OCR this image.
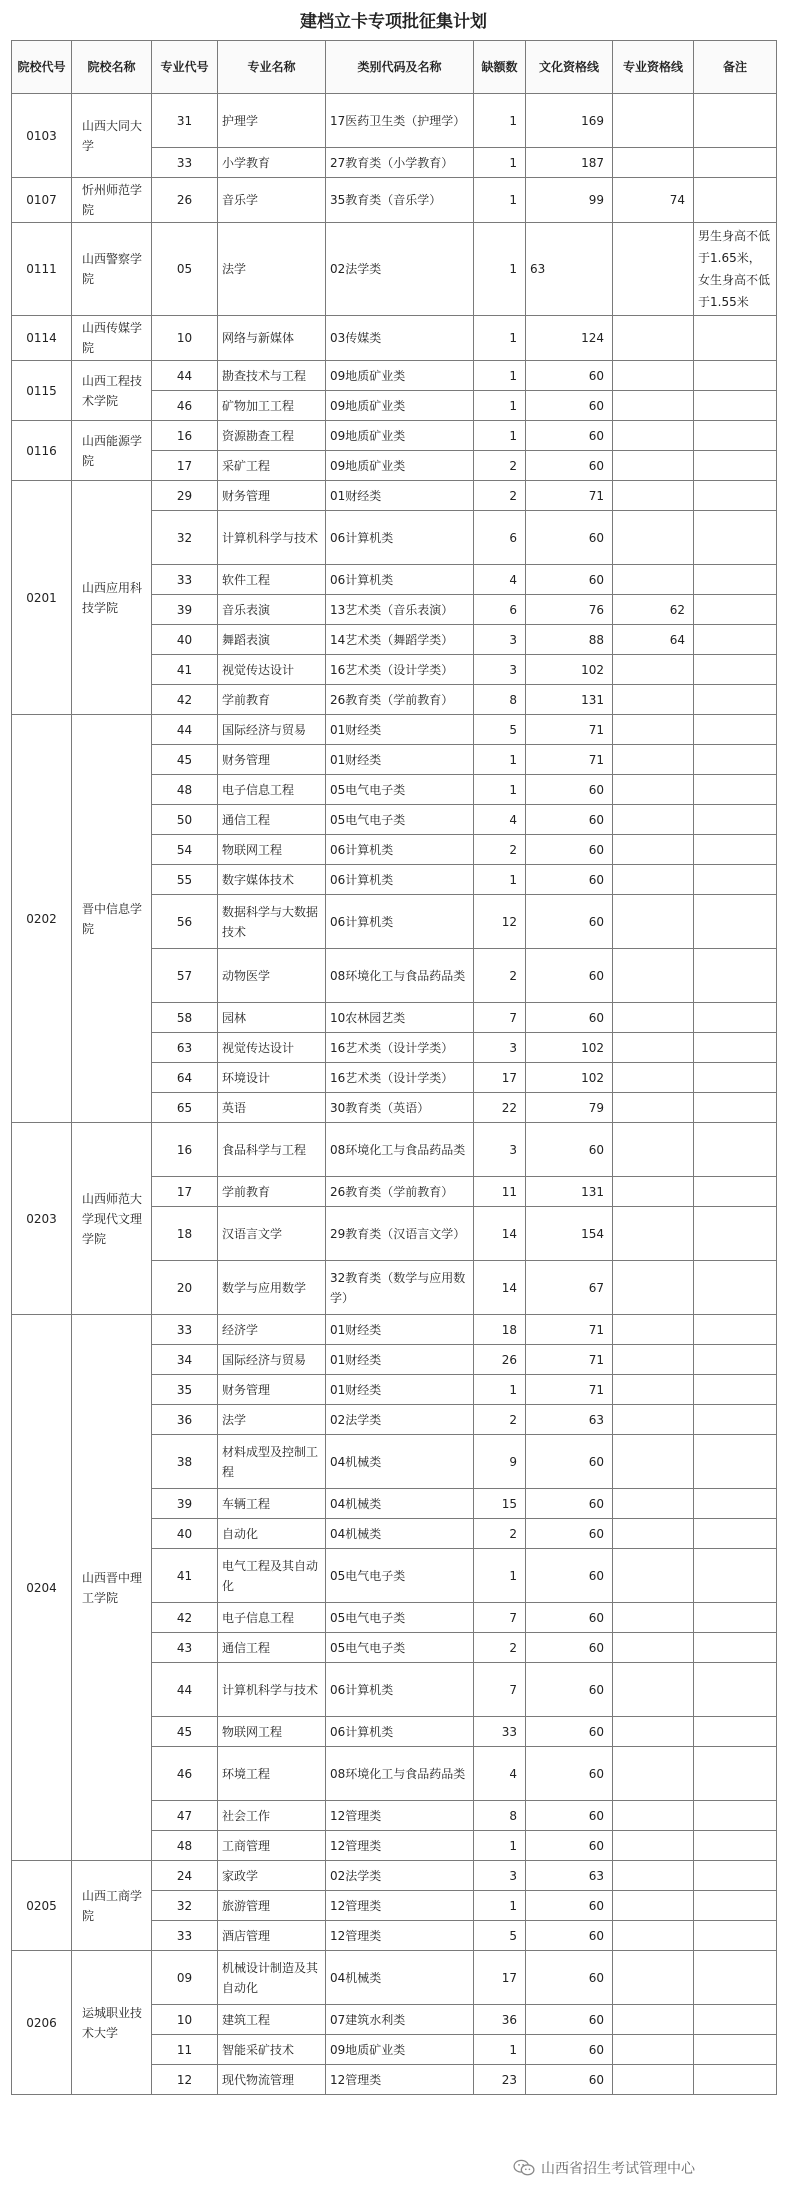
建档立卡专项批征集计划
院校代号	院校名称	专业代号	专业名称	类别代码及名称	缺额数	文化资格线	专业资格线	备注
0103	山西大同大学	31	护理学	17医药卫生类（护理学）	1	169		
		33	小学教育	27教育类（小学教育）	1	187		
0107	忻州师范学院	26	音乐学	35教育类（音乐学）	1	99	74	
0111	山西警察学院	05	法学	02法学类	1	63		男生身高不低于1.65米，女生身高不低于1.55米
0114	山西传媒学院	10	网络与新媒体	03传媒类	1	124		
0115	山西工程技术学院	44	勘查技术与工程	09地质矿业类	1	60		
		46	矿物加工工程	09地质矿业类	1	60		
0116	山西能源学院	16	资源勘查工程	09地质矿业类	1	60		
		17	采矿工程	09地质矿业类	2	60		
0201	山西应用科技学院	29	财务管理	01财经类	2	71		
		32	计算机科学与技术	06计算机类	6	60		
		33	软件工程	06计算机类	4	60		
		39	音乐表演	13艺术类（音乐表演）	6	76	62	
		40	舞蹈表演	14艺术类（舞蹈学类）	3	88	64	
		41	视觉传达设计	16艺术类（设计学类）	3	102		
		42	学前教育	26教育类（学前教育）	8	131		
0202	晋中信息学院	44	国际经济与贸易	01财经类	5	71		
		45	财务管理	01财经类	1	71		
		48	电子信息工程	05电气电子类	1	60		
		50	通信工程	05电气电子类	4	60		
		54	物联网工程	06计算机类	2	60		
		55	数字媒体技术	06计算机类	1	60		
		56	数据科学与大数据技术	06计算机类	12	60		
		57	动物医学	08环境化工与食品药品类	2	60		
		58	园林	10农林园艺类	7	60		
		63	视觉传达设计	16艺术类（设计学类）	3	102		
		64	环境设计	16艺术类（设计学类）	17	102		
		65	英语	30教育类（英语）	22	79		
0203	山西师范大学现代文理学院	16	食品科学与工程	08环境化工与食品药品类	3	60		
		17	学前教育	26教育类（学前教育）	11	131		
		18	汉语言文学	29教育类（汉语言文学）	14	154		
		20	数学与应用数学	32教育类（数学与应用数学）	14	67		
0204	山西晋中理工学院	33	经济学	01财经类	18	71		
		34	国际经济与贸易	01财经类	26	71		
		35	财务管理	01财经类	1	71		
		36	法学	02法学类	2	63		
		38	材料成型及控制工程	04机械类	9	60		
		39	车辆工程	04机械类	15	60		
		40	自动化	04机械类	2	60		
		41	电气工程及其自动化	05电气电子类	1	60		
		42	电子信息工程	05电气电子类	7	60		
		43	通信工程	05电气电子类	2	60		
		44	计算机科学与技术	06计算机类	7	60		
		45	物联网工程	06计算机类	33	60		
		46	环境工程	08环境化工与食品药品类	4	60		
		47	社会工作	12管理类	8	60		
		48	工商管理	12管理类	1	60		
0205	山西工商学院	24	家政学	02法学类	3	63		
		32	旅游管理	12管理类	1	60		
		33	酒店管理	12管理类	5	60		
0206	运城职业技术大学	09	机械设计制造及其自动化	04机械类	17	60		
		10	建筑工程	07建筑水利类	36	60		
		11	智能采矿技术	09地质矿业类	1	60		
		12	现代物流管理	12管理类	23	60		
山西省招生考试管理中心
